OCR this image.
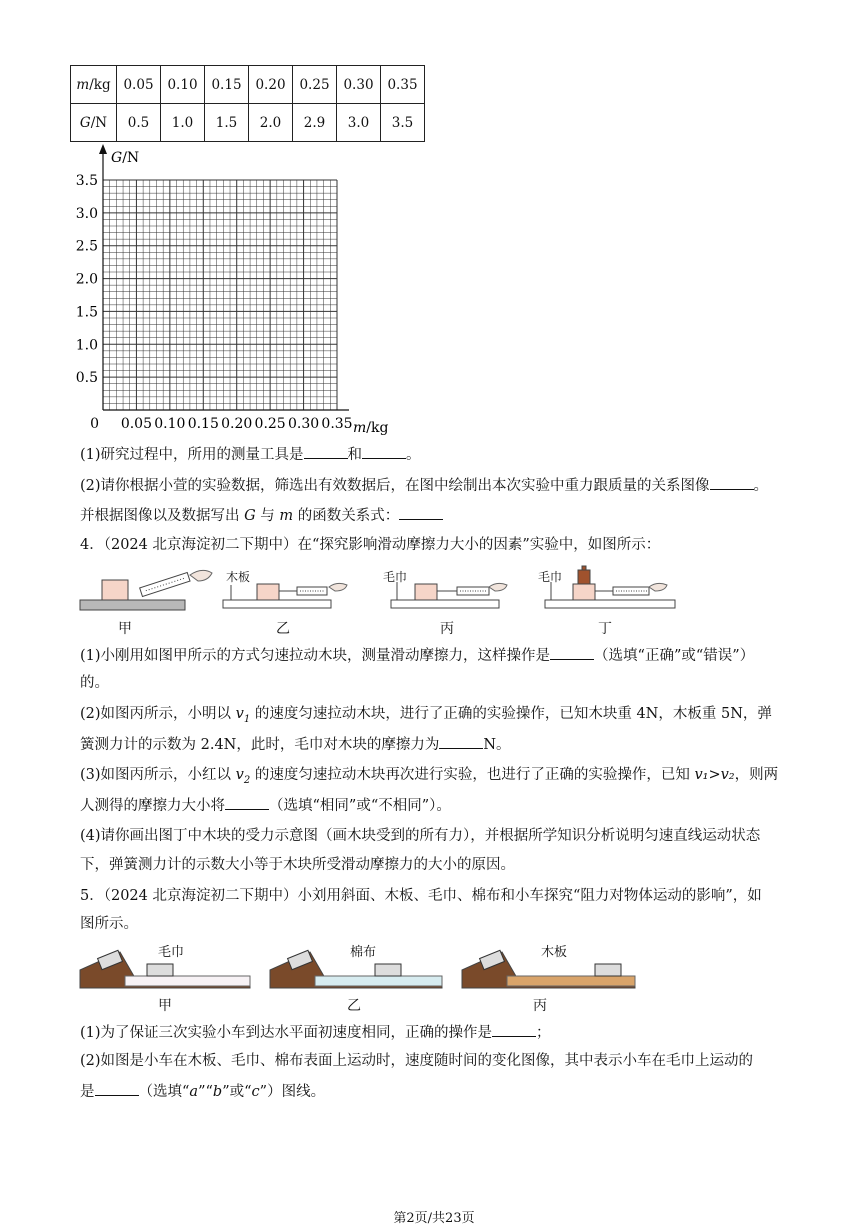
m/kg	0.05	0.10	0.15	0.20	0.25	0.30	0.35
G/N	0.5	1.0	1.5	2.0	2.9	3.0	3.5
0.5
1.0
1.5
2.0
2.5
3.0
3.5
0 0.05 0.10 0.15 0.20 0.25 0.30 0.35
G/N
m/kg
(1)研究过程中，所用的测量工具是	和	。
(2)请你根据小萱的实验数据，筛选出有效数据后，在图中绘制出本次实验中重力跟质量的关系图像	。
并根据图像以及数据写出 G 与 m 的函数关系式：
4．（2024 北京海淀初二下期中）在“探究影响滑动摩擦力大小的因素”实验中，如图所示：
木板	毛巾	毛巾
甲	乙	丙	丁
(1)小刚用如图甲所示的方式匀速拉动木块，测量滑动摩擦力，这样操作是	（选填“正确”或“错误”）
的。
(2)如图丙所示，小明以 $v_1$ 的速度匀速拉动木块，进行了正确的实验操作，已知木块重 4N，木板重 5N，弹
簧测力计的示数为 2.4N，此时，毛巾对木块的摩擦力为	N。
(3)如图丙所示，小红以 $v_2$ 的速度匀速拉动木块再次进行实验，也进行了正确的实验操作，已知 v₁>v₂，则两
人测得的摩擦力大小将	（选填“相同”或“不相同”）。
(4)请你画出图丁中木块的受力示意图（画木块受到的所有力），并根据所学知识分析说明匀速直线运动状态
下，弹簧测力计的示数大小等于木块所受滑动摩擦力的大小的原因。
5．（2024 北京海淀初二下期中）小刘用斜面、木板、毛巾、棉布和小车探究“阻力对物体运动的影响”，如
图所示。
毛巾	棉布	木板
甲	乙	丙
(1)为了保证三次实验小车到达水平面初速度相同，正确的操作是	；
(2)如图是小车在木板、毛巾、棉布表面上运动时，速度随时间的变化图像，其中表示小车在毛巾上运动的
是	（选填“a”“b”或“c”）图线。
第2页/共23页
